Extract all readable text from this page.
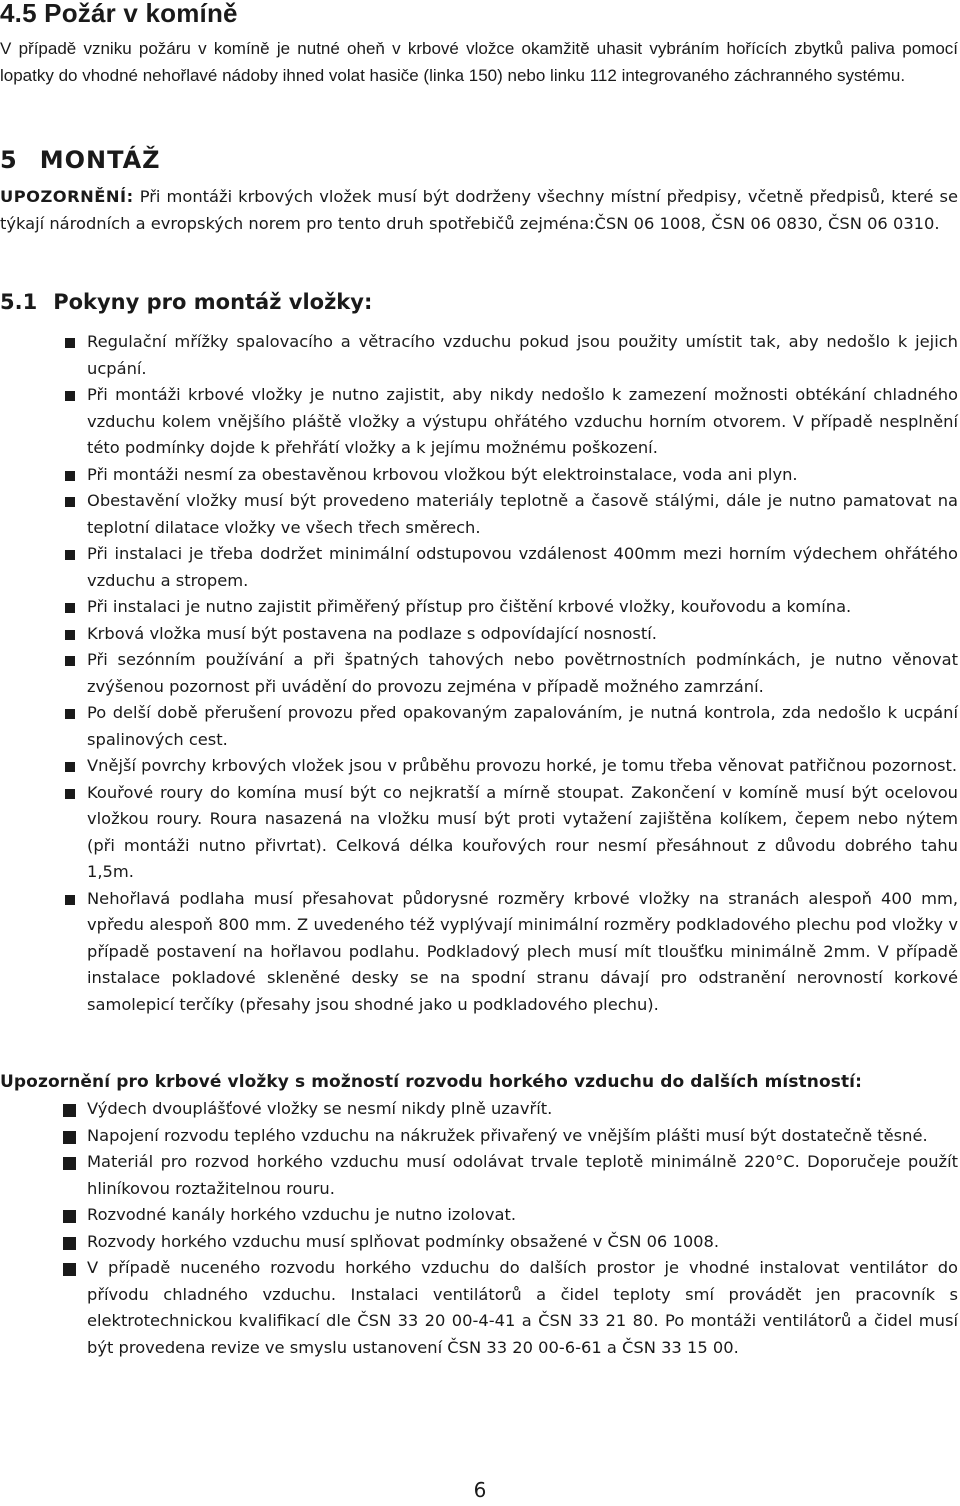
4.5 Požár v komíně

V případě vzniku požáru v komíně je nutné oheň v krbové vložce okamžitě uhasit vybráním hořících zbytků paliva pomocí lopatky do vhodné nehořlavé nádoby ihned volat hasiče (linka 150) nebo linku 112 integrovaného záchranného systému.

5 MONTÁŽ

UPOZORNĚNÍ: Při montáži krbových vložek musí být dodrženy všechny místní předpisy, včetně předpisů, které se týkají národních a evropských norem pro tento druh spotřebičů zejména:ČSN 06 1008, ČSN 06 0830, ČSN 06 0310.

5.1 Pokyny pro montáž vložky:
Regulační mřížky spalovacího a větracího vzduchu pokud jsou použity umístit tak, aby nedošlo k jejich ucpání.
Při montáži krbové vložky je nutno zajistit, aby nikdy nedošlo k zamezení možnosti obtékání chladného vzduchu kolem vnějšího pláště vložky a výstupu ohřátého vzduchu horním otvorem. V případě nesplnění této podmínky dojde k přehřátí vložky a k jejímu možnému poškození.
Při montáži nesmí za obestavěnou krbovou vložkou být elektroinstalace, voda ani plyn.
Obestavění vložky musí být provedeno materiály teplotně a časově stálými, dále je nutno pamatovat na teplotní dilatace vložky ve všech třech směrech.
Při instalaci je třeba dodržet minimální odstupovou vzdálenost 400mm mezi horním výdechem ohřátého vzduchu a stropem.
Při instalaci je nutno zajistit přiměřený přístup pro čištění krbové vložky, kouřovodu a komína.
Krbová vložka musí být postavena na podlaze s odpovídající nosností.
Při sezónním používání a při špatných tahových nebo povětrnostních podmínkách, je nutno věnovat zvýšenou pozornost při uvádění do provozu zejména v případě možného zamrzání.
Po delší době přerušení provozu před opakovaným zapalováním, je nutná kontrola, zda nedošlo k ucpání spalinových cest.
Vnější povrchy krbových vložek jsou v průběhu provozu horké, je tomu třeba věnovat patřičnou pozornost.
Kouřové roury do komína musí být co nejkratší a mírně stoupat. Zakončení v komíně musí být ocelovou vložkou roury. Roura nasazená na vložku musí být proti vytažení zajištěna kolíkem, čepem nebo nýtem (při montáži nutno přivrtat). Celková délka kouřových rour nesmí přesáhnout z důvodu dobrého tahu 1,5m.
Nehořlavá podlaha musí přesahovat půdorysné rozměry krbové vložky na stranách alespoň 400 mm, vpředu alespoň 800 mm. Z uvedeného též vyplývají minimální rozměry podkladového plechu pod vložky v případě postavení na hořlavou podlahu. Podkladový plech musí mít tloušťku minimálně 2mm. V případě instalace pokladové skleněné desky se na spodní stranu dávají pro odstranění nerovností korkové samolepicí terčíky (přesahy jsou shodné jako u podkladového plechu).
Upozornění pro krbové vložky s možností rozvodu horkého vzduchu do dalších místností:
Výdech dvouplášťové vložky se nesmí nikdy plně uzavřít.
Napojení rozvodu teplého vzduchu na nákružek přivařený ve vnějším plášti musí být dostatečně těsné.
Materiál pro rozvod horkého vzduchu musí odolávat trvale teplotě minimálně 220°C. Doporučeje použít hliníkovou roztažitelnou rouru.
Rozvodné kanály horkého vzduchu je nutno izolovat.
Rozvody horkého vzduchu musí splňovat podmínky obsažené v ČSN 06 1008.
V případě nuceného rozvodu horkého vzduchu do dalších prostor je vhodné instalovat ventilátor do přívodu chladného vzduchu. Instalaci ventilátorů a čidel teploty smí provádět jen pracovník s elektrotechnickou kvalifikací dle ČSN 33 20 00-4-41 a ČSN 33 21 80. Po montáži ventilátorů a čidel musí být provedena revize ve smyslu ustanovení ČSN 33 20 00-6-61 a ČSN 33 15 00.
6
